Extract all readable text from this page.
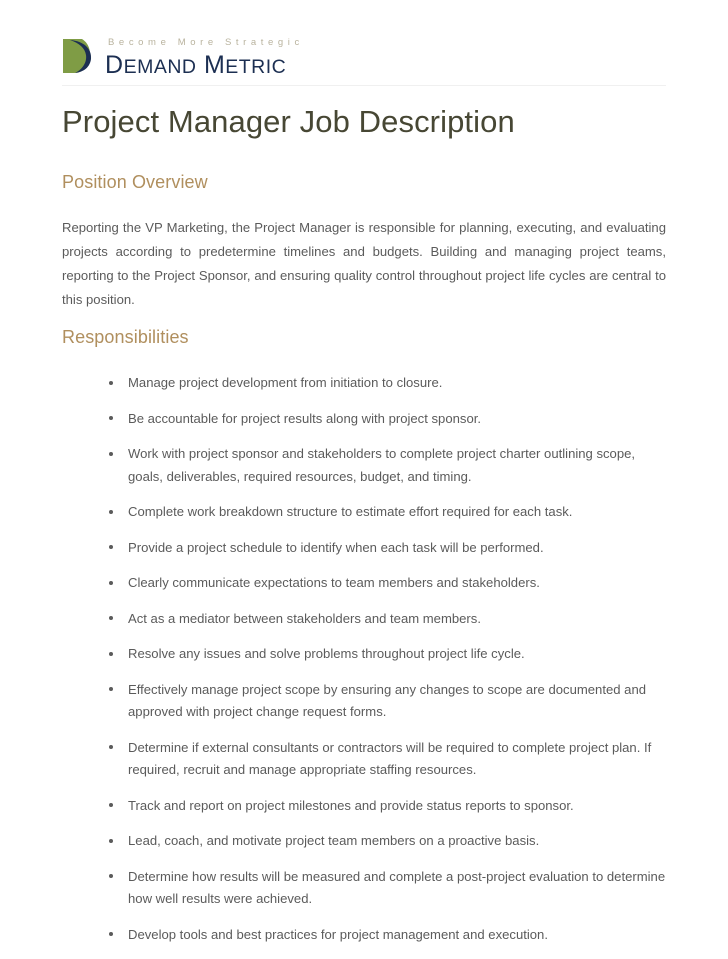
Become More Strategic
DEMAND METRIC
Project Manager Job Description
Position Overview

Reporting the VP Marketing, the Project Manager is responsible for planning, executing, and evaluating projects according to predetermine timelines and budgets. Building and managing project teams, reporting to the Project Sponsor, and ensuring quality control throughout project life cycles are central to this position.

Responsibilities
Manage project development from initiation to closure.
Be accountable for project results along with project sponsor.
Work with project sponsor and stakeholders to complete project charter outlining scope, goals, deliverables, required resources, budget, and timing.
Complete work breakdown structure to estimate effort required for each task.
Provide a project schedule to identify when each task will be performed.
Clearly communicate expectations to team members and stakeholders.
Act as a mediator between stakeholders and team members.
Resolve any issues and solve problems throughout project life cycle.
Effectively manage project scope by ensuring any changes to scope are documented and approved with project change request forms.
Determine if external consultants or contractors will be required to complete project plan. If required, recruit and manage appropriate staffing resources.
Track and report on project milestones and provide status reports to sponsor.
Lead, coach, and motivate project team members on a proactive basis.
Determine how results will be measured and complete a post-project evaluation to determine how well results were achieved.
Develop tools and best practices for project management and execution.
